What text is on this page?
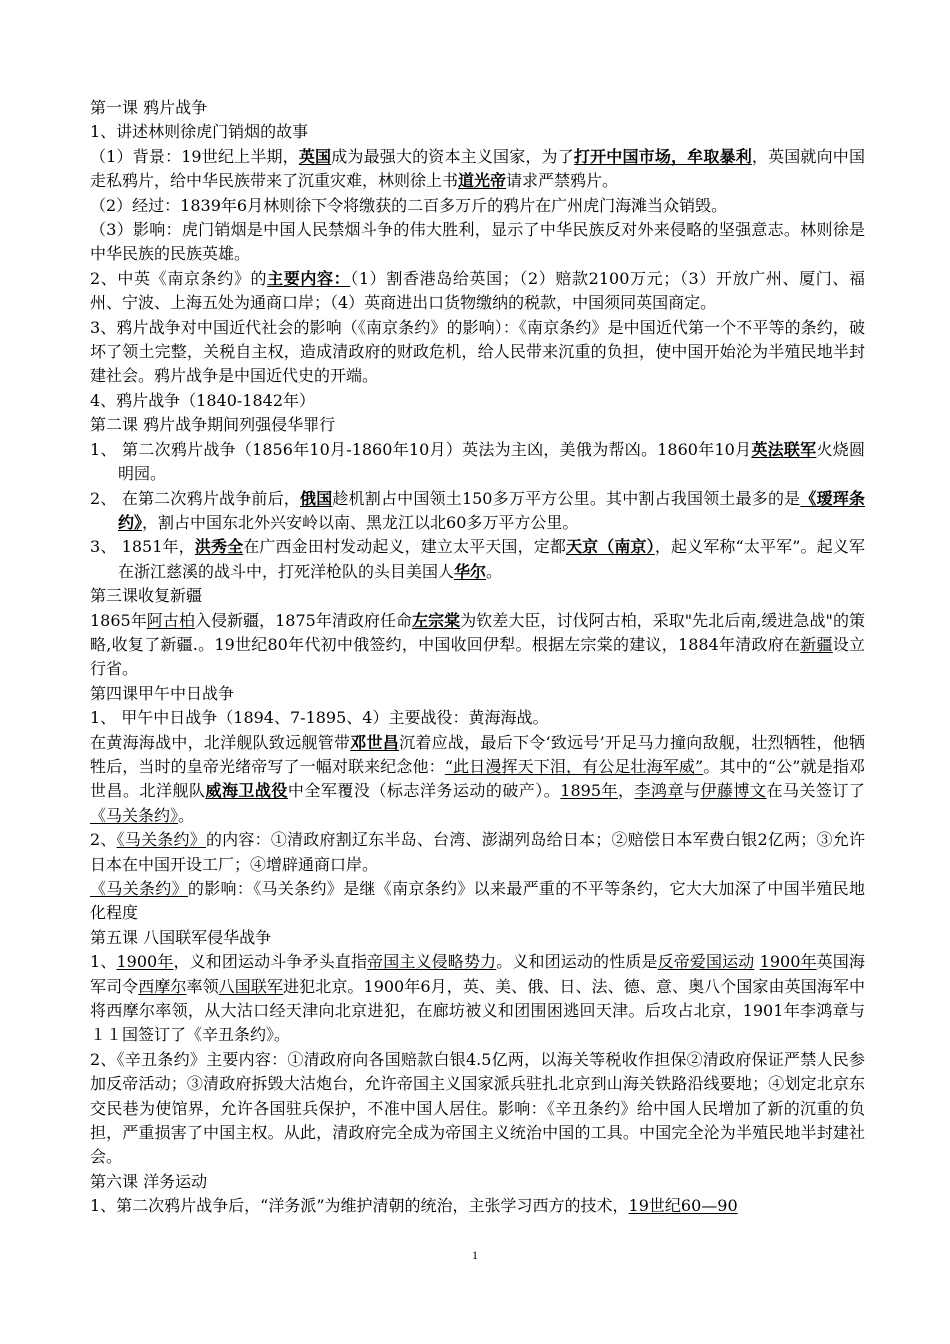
第一课 鸦片战争

1、讲述林则徐虎门销烟的故事

（1）背景：19世纪上半期，英国成为最强大的资本主义国家，为了打开中国市场，牟取暴利，英国就向中国走私鸦片，给中华民族带来了沉重灾难，林则徐上书道光帝请求严禁鸦片。

（2）经过：1839年6月林则徐下令将缴获的二百多万斤的鸦片在广州虎门海滩当众销毁。

（3）影响：虎门销烟是中国人民禁烟斗争的伟大胜利，显示了中华民族反对外来侵略的坚强意志。林则徐是中华民族的民族英雄。

2、中英《南京条约》的主要内容：（1）割香港岛给英国；（2）赔款2100万元；（3）开放广州、厦门、福州、宁波、上海五处为通商口岸；（4）英商进出口货物缴纳的税款，中国须同英国商定。

3、鸦片战争对中国近代社会的影响（《南京条约》的影响）：《南京条约》是中国近代第一个不平等的条约，破坏了领土完整，关税自主权，造成清政府的财政危机，给人民带来沉重的负担，使中国开始沦为半殖民地半封建社会。鸦片战争是中国近代史的开端。

4、鸦片战争（1840-1842年）

第二课 鸦片战争期间列强侵华罪行

1、 第二次鸦片战争（1856年10月-1860年10月）英法为主凶，美俄为帮凶。1860年10月英法联军火烧圆明园。

2、 在第二次鸦片战争前后，俄国趁机割占中国领土150多万平方公里。其中割占我国领土最多的是《瑷珲条约》，割占中国东北外兴安岭以南、黑龙江以北60多万平方公里。

3、 1851年，洪秀全在广西金田村发动起义，建立太平天国，定都天京（南京），起义军称“太平军”。起义军在浙江慈溪的战斗中，打死洋枪队的头目美国人华尔。

第三课收复新疆

1865年阿古柏入侵新疆，1875年清政府任命左宗棠为钦差大臣，讨伐阿古柏，采取"先北后南,缓进急战"的策略,收复了新疆.。19世纪80年代初中俄签约，中国收回伊犁。根据左宗棠的建议，1884年清政府在新疆设立行省。

第四课甲午中日战争

1、 甲午中日战争（1894、7-1895、4）主要战役：黄海海战。

在黄海海战中，北洋舰队致远舰管带邓世昌沉着应战，最后下令‘致远号’开足马力撞向敌舰，壮烈牺牲，他牺牲后，当时的皇帝光绪帝写了一幅对联来纪念他：“此日漫挥天下泪，有公足壮海军威”。其中的“公”就是指邓世昌。北洋舰队威海卫战役中全军覆没（标志洋务运动的破产）。1895年，李鸿章与伊藤博文在马关签订了《马关条约》。

2、《马关条约》的内容：①清政府割辽东半岛、台湾、澎湖列岛给日本；②赔偿日本军费白银2亿两；③允许日本在中国开设工厂；④增辟通商口岸。

《马关条约》的影响：《马关条约》是继《南京条约》以来最严重的不平等条约，它大大加深了中国半殖民地化程度

第五课 八国联军侵华战争

1、1900年，义和团运动斗争矛头直指帝国主义侵略势力。义和团运动的性质是反帝爱国运动 1900年英国海军司令西摩尔率领八国联军进犯北京。1900年6月，英、美、俄、日、法、德、意、奥八个国家由英国海军中将西摩尔率领，从大沽口经天津向北京进犯，在廊坊被义和团围困逃回天津。后攻占北京，1901年李鸿章与１１国签订了《辛丑条约》。

2、《辛丑条约》主要内容：①清政府向各国赔款白银4.5亿两，以海关等税收作担保②清政府保证严禁人民参加反帝活动；③清政府拆毁大沽炮台，允许帝国主义国家派兵驻扎北京到山海关铁路沿线要地；④划定北京东交民巷为使馆界，允许各国驻兵保护，不准中国人居住。影响：《辛丑条约》给中国人民增加了新的沉重的负担，严重损害了中国主权。从此，清政府完全成为帝国主义统治中国的工具。中国完全沦为半殖民地半封建社会。

第六课 洋务运动

1、第二次鸦片战争后，“洋务派”为维护清朝的统治，主张学习西方的技术，19世纪60—90

1
